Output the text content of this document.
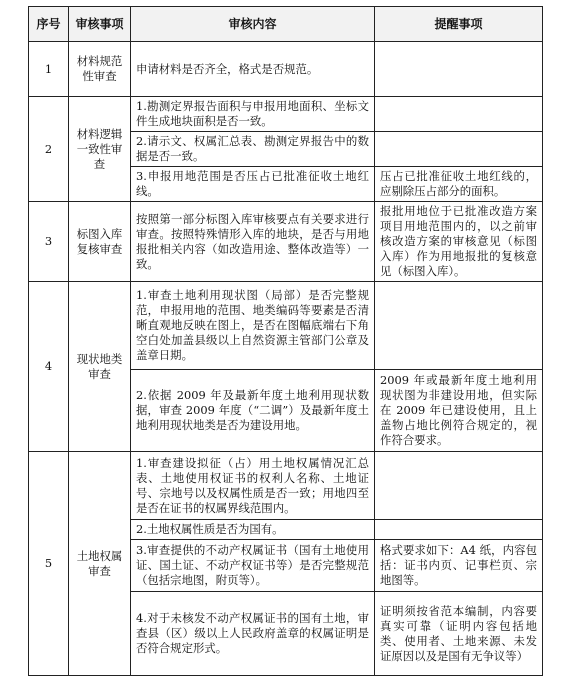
序号	审核事项	审核内容	提醒事项
1	材料规范性审查	申请材料是否齐全，格式是否规范。	
2	材料逻辑一致性审查	1.勘测定界报告面积与申报用地面积、坐标文件生成地块面积是否一致。	
		2.请示文、权属汇总表、勘测定界报告中的数据是否一致。	
		3.申报用地范围是否压占已批准征收土地红线。	压占已批准征收土地红线的，应剔除压占部分的面积。
3	标图入库复核审查	按照第一部分标图入库审核要点有关要求进行审查。按照特殊情形入库的地块，是否与用地报批相关内容（如改造用途、整体改造等）一致。	报批用地位于已批准改造方案项目用地范围内的，以之前审核改造方案的审核意见（标图入库）作为用地报批的复核意见（标图入库）。
4	现状地类审查	1.审查土地利用现状图（局部）是否完整规范，申报用地的范围、地类编码等要素是否清晰直观地反映在图上，是否在图幅底端右下角空白处加盖县级以上自然资源主管部门公章及盖章日期。	
		2.依据 2009 年及最新年度土地利用现状数据，审查 2009 年度（“二调”）及最新年度土地利用现状地类是否为建设用地。	2009 年或最新年度土地利用现状图为非建设用地，但实际在 2009 年已建设使用，且上盖物占地比例符合规定的，视作符合要求。
5	土地权属审查	1.审查建设拟征（占）用土地权属情况汇总表、土地使用权证书的权利人名称、土地证号、宗地号以及权属性质是否一致；用地四至是否在证书的权属界线范围内。	
		2.土地权属性质是否为国有。	
		3.审查提供的不动产权属证书（国有土地使用证、国土证、不动产权证书等）是否完整规范（包括宗地图，附页等）。	格式要求如下：A4 纸，内容包括：证书内页、记事栏页、宗地图等。
		4.对于未核发不动产权属证书的国有土地，审查县（区）级以上人民政府盖章的权属证明是否符合规定形式。	证明须按省范本编制，内容要真实可靠（证明内容包括地类、使用者、土地来源、未发证原因以及是国有无争议等）
